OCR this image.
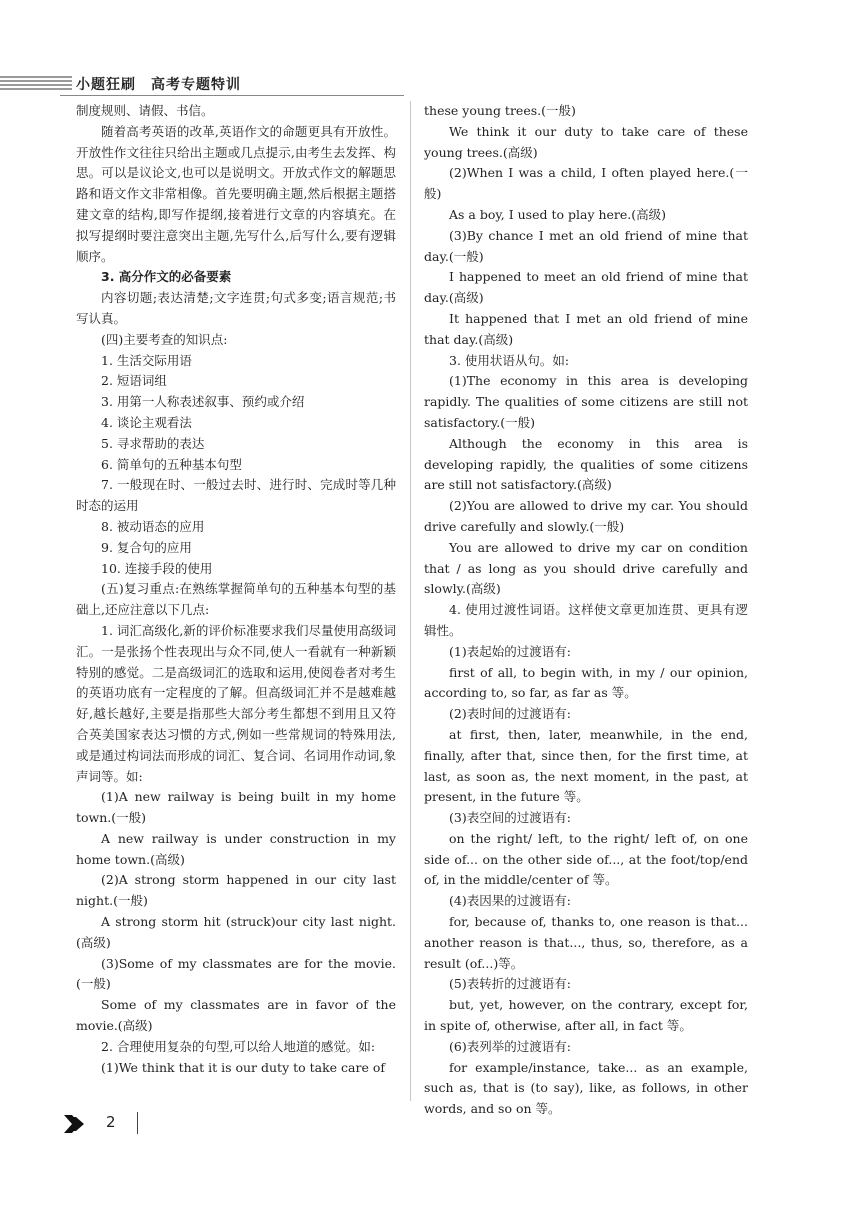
小题狂刷　高考专题特训

制度规则、请假、书信。

随着高考英语的改革,英语作文的命题更具有开放性。开放性作文往往只给出主题或几点提示,由考生去发挥、构思。可以是议论文,也可以是说明文。开放式作文的解题思路和语文作文非常相像。首先要明确主题,然后根据主题搭建文章的结构,即写作提纲,接着进行文章的内容填充。在拟写提纲时要注意突出主题,先写什么,后写什么,要有逻辑顺序。

3. 高分作文的必备要素

内容切题;表达清楚;文字连贯;句式多变;语言规范;书写认真。

(四)主要考查的知识点:

1. 生活交际用语

2. 短语词组

3. 用第一人称表述叙事、预约或介绍

4. 谈论主观看法

5. 寻求帮助的表达

6. 简单句的五种基本句型

7. 一般现在时、一般过去时、进行时、完成时等几种时态的运用

8. 被动语态的应用

9. 复合句的应用

10. 连接手段的使用

(五)复习重点:在熟练掌握简单句的五种基本句型的基础上,还应注意以下几点:

1. 词汇高级化,新的评价标准要求我们尽量使用高级词汇。一是张扬个性表现出与众不同,使人一看就有一种新颖特别的感觉。二是高级词汇的选取和运用,使阅卷者对考生的英语功底有一定程度的了解。但高级词汇并不是越难越好,越长越好,主要是指那些大部分考生都想不到用且又符合英美国家表达习惯的方式,例如一些常规词的特殊用法,或是通过构词法而形成的词汇、复合词、名词用作动词,象声词等。如:

(1)A new railway is being built in my home town.(一般)

A new railway is under construction in my home town.(高级)

(2)A strong storm happened in our city last night.(一般)

A strong storm hit (struck)our city last night.(高级)

(3)Some of my classmates are for the movie.(一般)

Some of my classmates are in favor of the movie.(高级)

2. 合理使用复杂的句型,可以给人地道的感觉。如:

(1)We think that it is our duty to take care of

these young trees.(一般)

We think it our duty to take care of these young trees.(高级)

(2)When I was a child, I often played here.(一般)

As a boy, I used to play here.(高级)

(3)By chance I met an old friend of mine that day.(一般)

I happened to meet an old friend of mine that day.(高级)

It happened that I met an old friend of mine that day.(高级)

3. 使用状语从句。如:

(1)The economy in this area is developing rapidly. The qualities of some citizens are still not satisfactory.(一般)

Although the economy in this area is developing rapidly, the qualities of some citizens are still not satisfactory.(高级)

(2)You are allowed to drive my car. You should drive carefully and slowly.(一般)

You are allowed to drive my car on condition that / as long as you should drive carefully and slowly.(高级)

4. 使用过渡性词语。这样使文章更加连贯、更具有逻辑性。

(1)表起始的过渡语有:

first of all, to begin with, in my / our opinion, according to, so far, as far as 等。

(2)表时间的过渡语有:

at first, then, later, meanwhile, in the end, finally, after that, since then, for the first time, at last, as soon as, the next moment, in the past, at present, in the future 等。

(3)表空间的过渡语有:

on the right/ left, to the right/ left of, on one side of... on the other side of..., at the foot/top/end of, in the middle/center of 等。

(4)表因果的过渡语有:

for, because of, thanks to, one reason is that... another reason is that..., thus, so, therefore, as a result (of...)等。

(5)表转折的过渡语有:

but, yet, however, on the contrary, except for, in spite of, otherwise, after all, in fact 等。

(6)表列举的过渡语有:

for example/instance, take... as an example, such as, that is (to say), like, as follows, in other words, and so on 等。

2
